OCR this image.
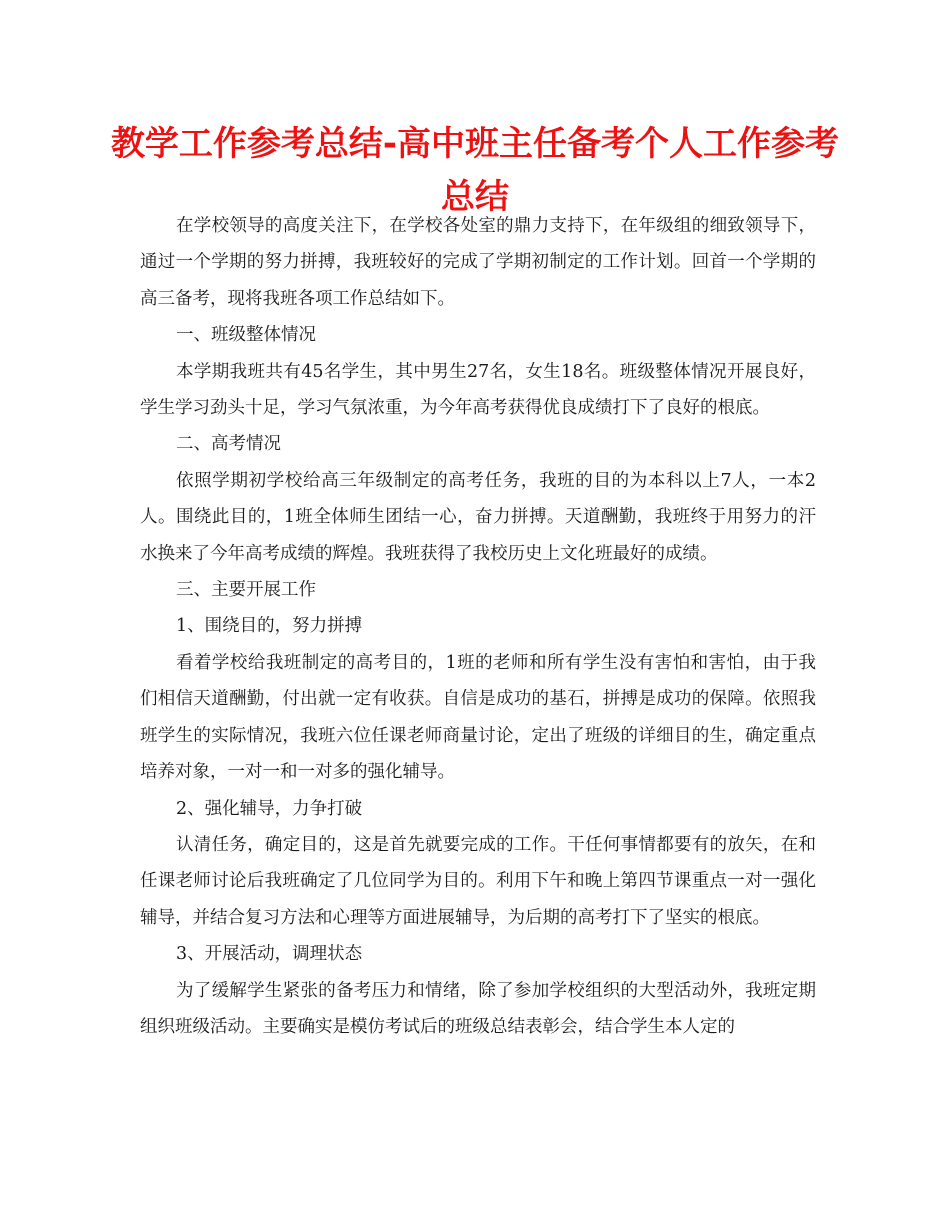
教学工作参考总结-高中班主任备考个人工作参考总结

在学校领导的高度关注下，在学校各处室的鼎力支持下，在年级组的细致领导下，通过一个学期的努力拼搏，我班较好的完成了学期初制定的工作计划。回首一个学期的高三备考，现将我班各项工作总结如下。

一、班级整体情况

本学期我班共有45名学生，其中男生27名，女生18名。班级整体情况开展良好，学生学习劲头十足，学习气氛浓重，为今年高考获得优良成绩打下了良好的根底。

二、高考情况

依照学期初学校给高三年级制定的高考任务，我班的目的为本科以上7人，一本2人。围绕此目的，1班全体师生团结一心，奋力拼搏。天道酬勤，我班终于用努力的汗水换来了今年高考成绩的辉煌。我班获得了我校历史上文化班最好的成绩。

三、主要开展工作

1、围绕目的，努力拼搏

看着学校给我班制定的高考目的，1班的老师和所有学生没有害怕和害怕，由于我们相信天道酬勤，付出就一定有收获。自信是成功的基石，拼搏是成功的保障。依照我班学生的实际情况，我班六位任课老师商量讨论，定出了班级的详细目的生，确定重点培养对象，一对一和一对多的强化辅导。

2、强化辅导，力争打破

认清任务，确定目的，这是首先就要完成的工作。干任何事情都要有的放矢，在和任课老师讨论后我班确定了几位同学为目的。利用下午和晚上第四节课重点一对一强化辅导，并结合复习方法和心理等方面进展辅导，为后期的高考打下了坚实的根底。

3、开展活动，调理状态

为了缓解学生紧张的备考压力和情绪，除了参加学校组织的大型活动外，我班定期组织班级活动。主要确实是模仿考试后的班级总结表彰会，结合学生本人定的
